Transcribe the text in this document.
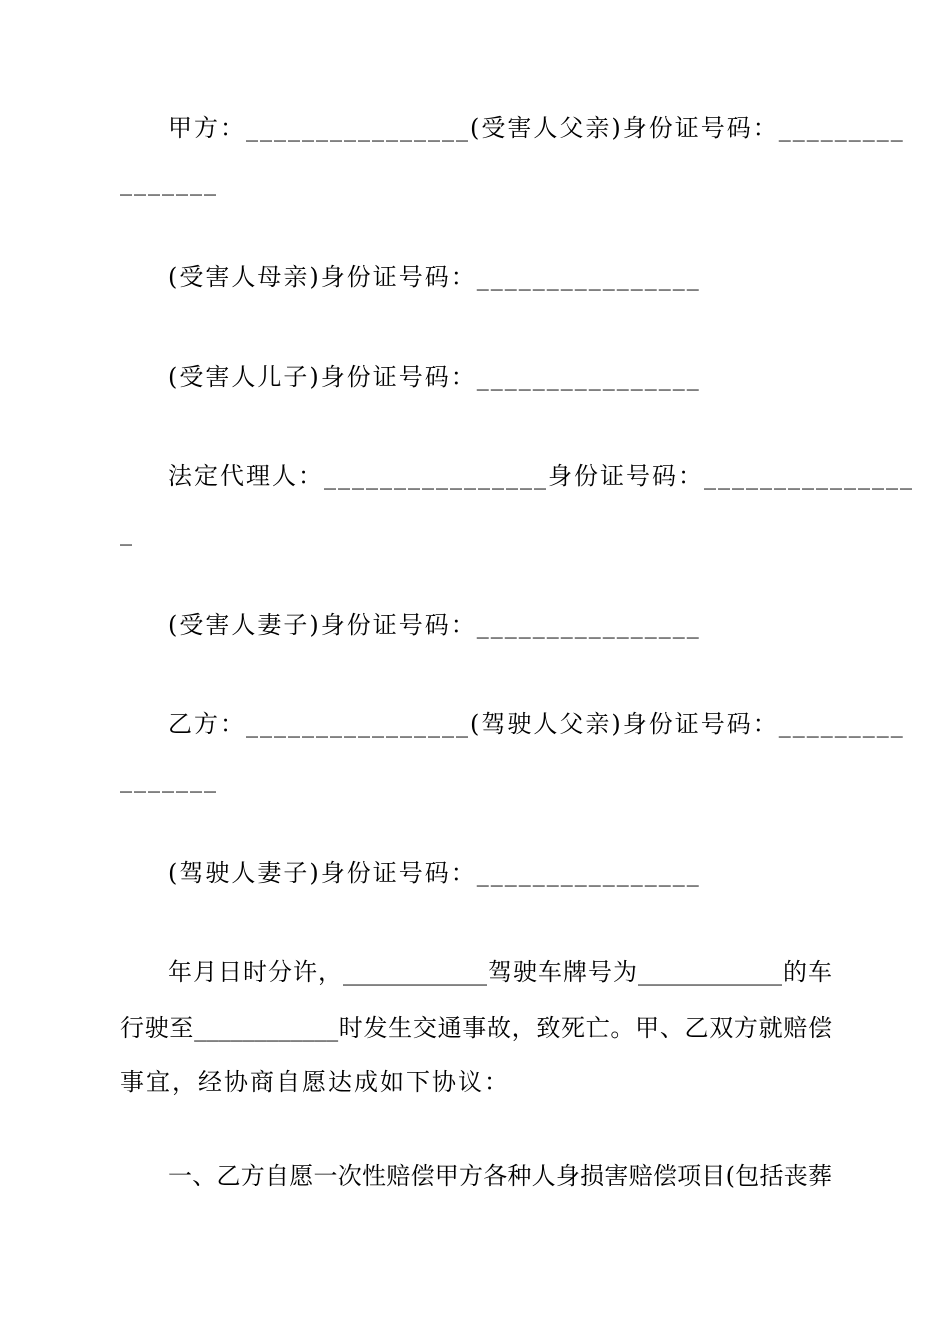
甲方：________________(受害人父亲)身份证号码：_________
_______
(受害人母亲)身份证号码：________________
(受害人儿子)身份证号码：________________
法定代理人：________________身份证号码：_______________
_
(受害人妻子)身份证号码：________________
乙方：________________(驾驶人父亲)身份证号码：_________
_______
(驾驶人妻子)身份证号码：________________
年月日时分许，____________驾驶车牌号为____________的车
行驶至____________时发生交通事故，致死亡。甲、乙双方就赔偿
事宜，经协商自愿达成如下协议：
一、乙方自愿一次性赔偿甲方各种人身损害赔偿项目(包括丧葬
